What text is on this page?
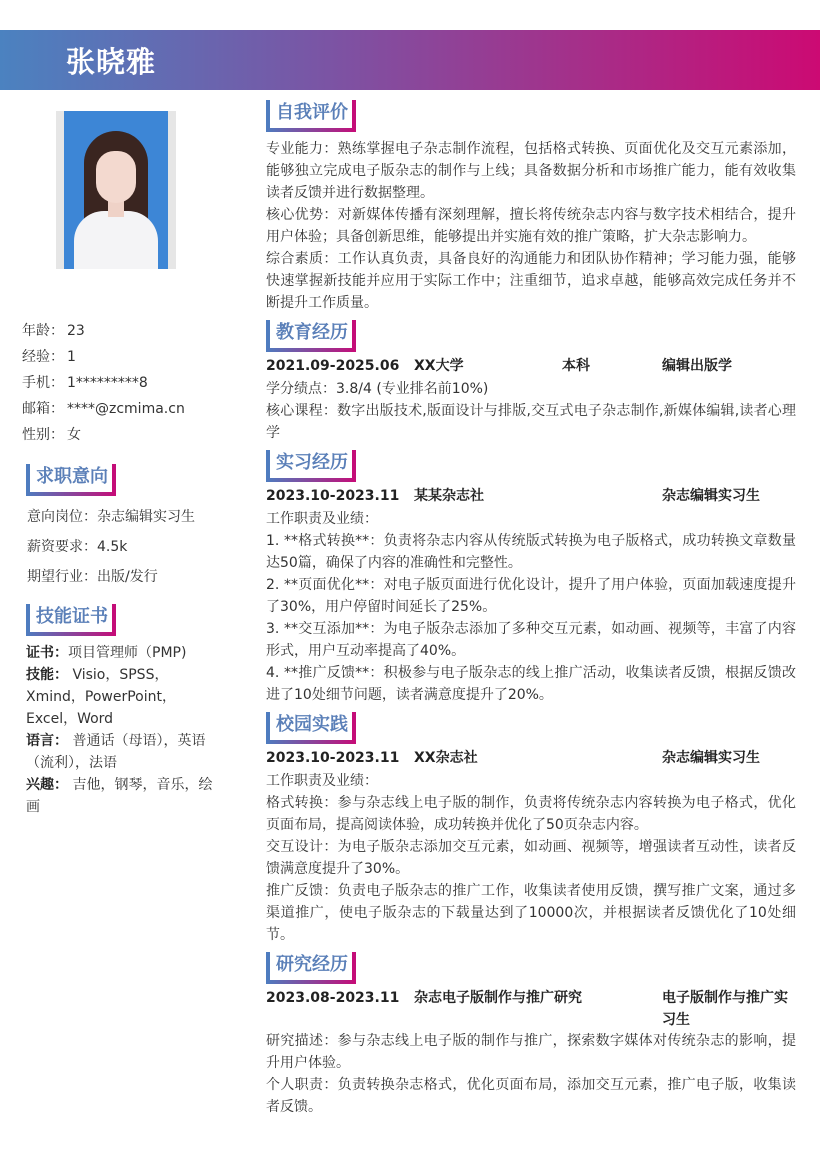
张晓雅
年龄： 23
经验： 1
手机： 1*********8
邮箱： ****@zcmima.cn
性别： 女
求职意向
意向岗位：杂志编辑实习生
薪资要求：4.5k
期望行业：出版/发行
技能证书
证书：项目管理师（PMP)
技能： Visio，SPSS，Xmind，PowerPoint，Excel，Word
语言： 普通话（母语），英语（流利），法语
兴趣： 吉他，钢琴，音乐，绘画
自我评价
专业能力：熟练掌握电子杂志制作流程，包括格式转换、页面优化及交互元素添加，能够独立完成电子版杂志的制作与上线；具备数据分析和市场推广能力，能有效收集读者反馈并进行数据整理。
核心优势：对新媒体传播有深刻理解，擅长将传统杂志内容与数字技术相结合，提升用户体验；具备创新思维，能够提出并实施有效的推广策略，扩大杂志影响力。
综合素质：工作认真负责，具备良好的沟通能力和团队协作精神；学习能力强，能够快速掌握新技能并应用于实际工作中；注重细节，追求卓越，能够高效完成任务并不断提升工作质量。
教育经历
2021.09-2025.06 XX大学	本科	编辑出版学
学分绩点：3.8/4 (专业排名前10%)
核心课程：数字出版技术,版面设计与排版,交互式电子杂志制作,新媒体编辑,读者心理学
实习经历
2023.10-2023.11 某某杂志社	杂志编辑实习生
工作职责及业绩：
1. **格式转换**：负责将杂志内容从传统版式转换为电子版格式，成功转换文章数量达50篇，确保了内容的准确性和完整性。
2. **页面优化**：对电子版页面进行优化设计，提升了用户体验，页面加载速度提升了30%，用户停留时间延长了25%。
3. **交互添加**：为电子版杂志添加了多种交互元素，如动画、视频等，丰富了内容形式，用户互动率提高了40%。
4. **推广反馈**：积极参与电子版杂志的线上推广活动，收集读者反馈，根据反馈改进了10处细节问题，读者满意度提升了20%。
校园实践
2023.10-2023.11 XX杂志社	杂志编辑实习生
工作职责及业绩：
格式转换：参与杂志线上电子版的制作，负责将传统杂志内容转换为电子格式，优化页面布局，提高阅读体验，成功转换并优化了50页杂志内容。
交互设计：为电子版杂志添加交互元素，如动画、视频等，增强读者互动性，读者反馈满意度提升了30%。
推广反馈：负责电子版杂志的推广工作，收集读者使用反馈，撰写推广文案，通过多渠道推广，使电子版杂志的下载量达到了10000次，并根据读者反馈优化了10处细节。
研究经历
2023.08-2023.11 杂志电子版制作与推广研究	电子版制作与推广实习生
研究描述：参与杂志线上电子版的制作与推广，探索数字媒体对传统杂志的影响，提升用户体验。
个人职责：负责转换杂志格式，优化页面布局，添加交互元素，推广电子版，收集读者反馈。
